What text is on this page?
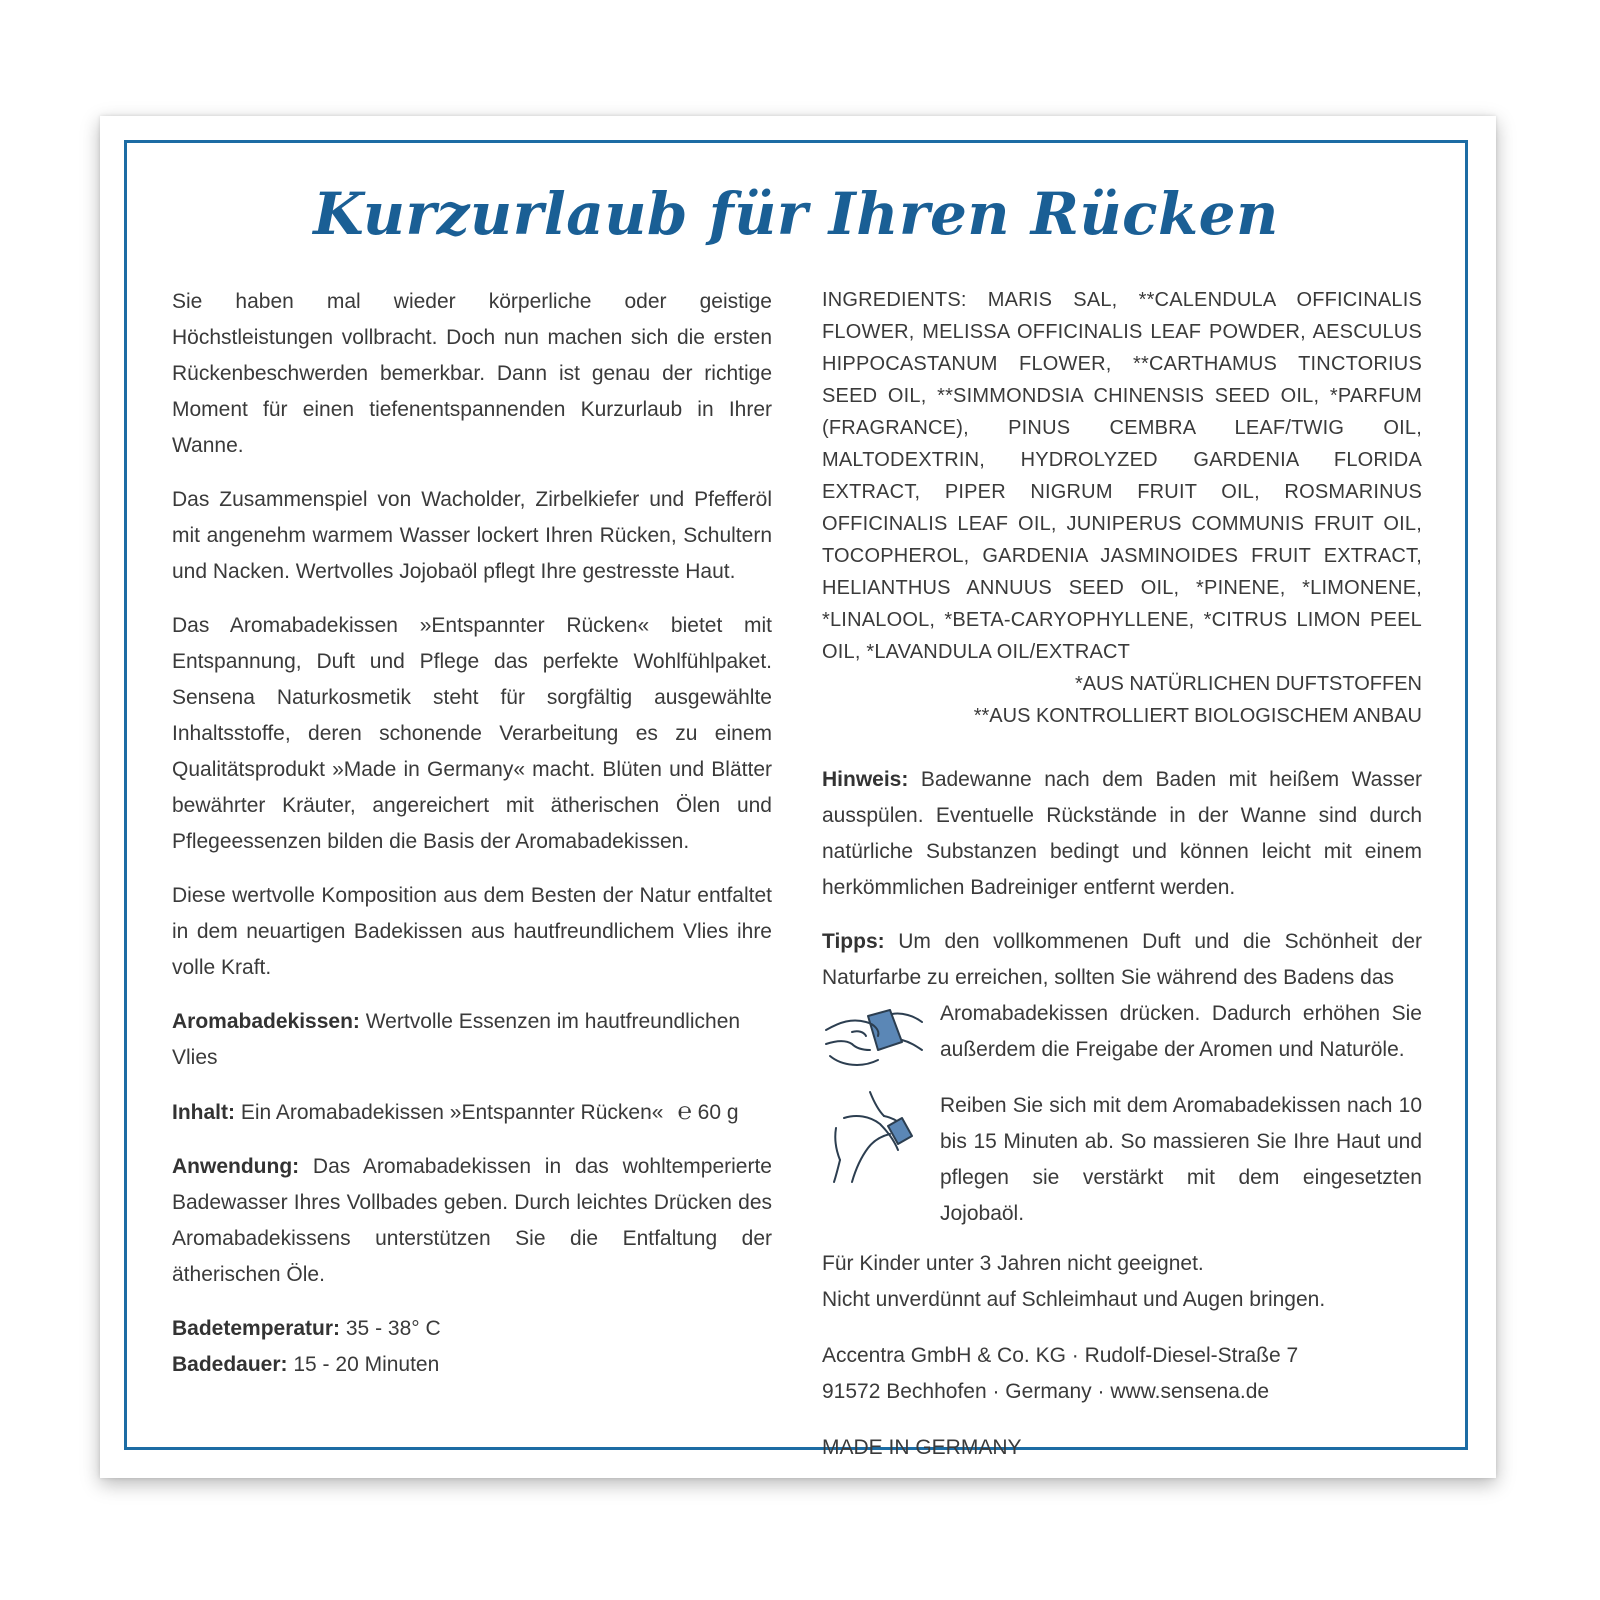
Kurzurlaub für Ihren Rücken

Sie haben mal wieder körperliche oder geistige Höchstleistungen vollbracht. Doch nun machen sich die ersten Rückenbeschwerden bemerkbar. Dann ist genau der richtige Moment für einen tiefenentspannenden Kurzurlaub in Ihrer Wanne.

Das Zusammenspiel von Wacholder, Zirbelkiefer und Pfefferöl mit angenehm warmem Wasser lockert Ihren Rücken, Schultern und Nacken. Wertvolles Jojobaöl pflegt Ihre gestresste Haut.

Das Aromabadekissen »Entspannter Rücken« bietet mit Entspannung, Duft und Pflege das perfekte Wohlfühlpaket. Sensena Naturkosmetik steht für sorgfältig ausgewählte Inhaltsstoffe, deren schonende Verarbeitung es zu einem Qualitätsprodukt »Made in Germany« macht. Blüten und Blätter bewährter Kräuter, angereichert mit ätherischen Ölen und Pflegeessenzen bilden die Basis der Aromabadekissen.

Diese wertvolle Komposition aus dem Besten der Natur entfaltet in dem neuartigen Badekissen aus hautfreundlichem Vlies ihre volle Kraft.

Aromabadekissen: Wertvolle Essenzen im hautfreundlichen Vlies

Inhalt: Ein Aromabadekissen »Entspannter Rücken« ℮ 60 g

Anwendung: Das Aromabadekissen in das wohltemperierte Badewasser Ihres Vollbades geben. Durch leichtes Drücken des Aromabadekissens unterstützen Sie die Entfaltung der ätherischen Öle.

Badetemperatur: 35 - 38° C

Badedauer: 15 - 20 Minuten

INGREDIENTS: MARIS SAL, **CALENDULA OFFICINALIS FLOWER, MELISSA OFFICINALIS LEAF POWDER, AESCULUS HIPPOCASTANUM FLOWER, **CARTHAMUS TINCTORIUS SEED OIL, **SIMMONDSIA CHINENSIS SEED OIL, *PARFUM (FRAGRANCE), PINUS CEMBRA LEAF/TWIG OIL, MALTODEXTRIN, HYDROLYZED GARDENIA FLORIDA EXTRACT, PIPER NIGRUM FRUIT OIL, ROSMARINUS OFFICINALIS LEAF OIL, JUNIPERUS COMMUNIS FRUIT OIL, TOCOPHEROL, GARDENIA JASMINOIDES FRUIT EXTRACT, HELIANTHUS ANNUUS SEED OIL, *PINENE, *LIMONENE, *LINALOOL, *BETA-CARYOPHYLLENE, *CITRUS LIMON PEEL OIL, *LAVANDULA OIL/EXTRACT

*AUS NATÜRLICHEN DUFTSTOFFEN

**AUS KONTROLLIERT BIOLOGISCHEM ANBAU

Hinweis: Badewanne nach dem Baden mit heißem Wasser ausspülen. Eventuelle Rückstände in der Wanne sind durch natürliche Substanzen bedingt und können leicht mit einem herkömmlichen Badreiniger entfernt werden.

Tipps: Um den vollkommenen Duft und die Schönheit der Naturfarbe zu erreichen, sollten Sie während des Badens das

Aromabadekissen drücken. Dadurch erhöhen Sie außerdem die Freigabe der Aromen und Naturöle.

Reiben Sie sich mit dem Aromabadekissen nach 10 bis 15 Minuten ab. So massieren Sie Ihre Haut und pflegen sie verstärkt mit dem eingesetzten Jojobaöl.

Für Kinder unter 3 Jahren nicht geeignet.

Nicht unverdünnt auf Schleimhaut und Augen bringen.

Accentra GmbH & Co. KG · Rudolf-Diesel-Straße 7

91572 Bechhofen · Germany · www.sensena.de

MADE IN GERMANY
